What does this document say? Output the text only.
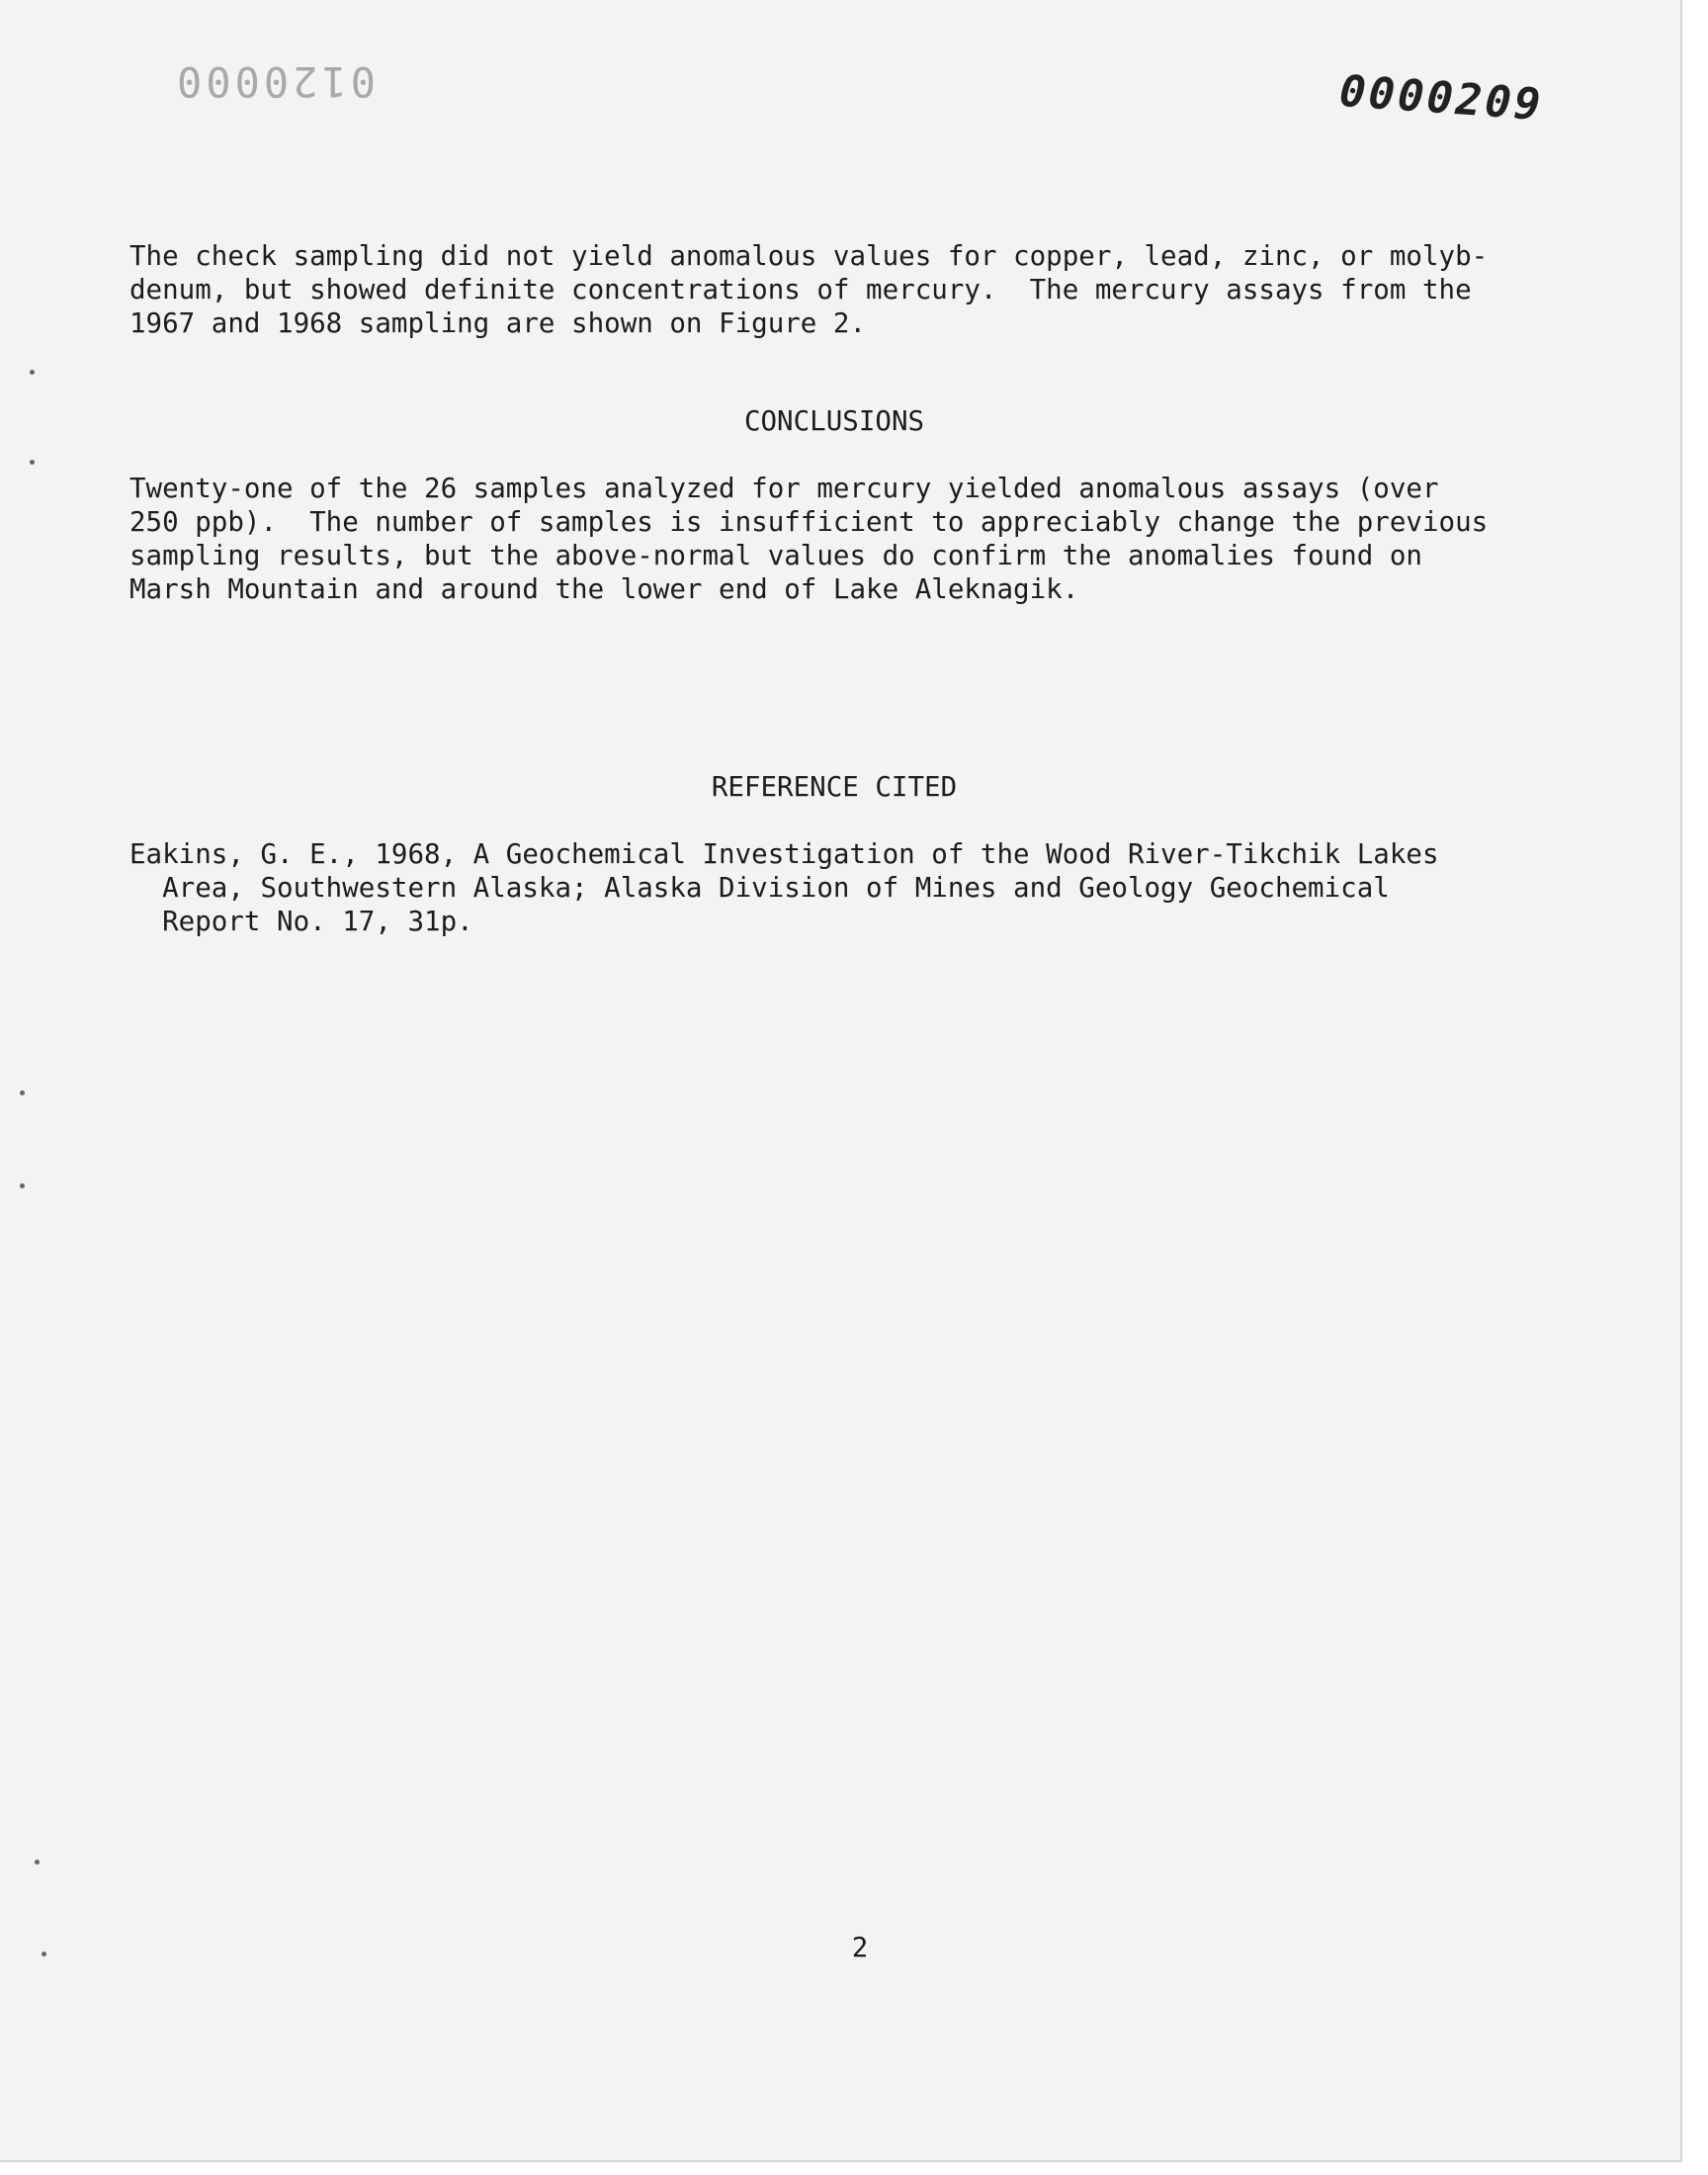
0120000	0000209

The check sampling did not yield anomalous values for copper, lead, zinc, or molyb-

denum, but showed definite concentrations of mercury.  The mercury assays from the

1967 and 1968 sampling are shown on Figure 2.

CONCLUSIONS

Twenty-one of the 26 samples analyzed for mercury yielded anomalous assays (over

250 ppb).  The number of samples is insufficient to appreciably change the previous

sampling results, but the above-normal values do confirm the anomalies found on

Marsh Mountain and around the lower end of Lake Aleknagik.

REFERENCE CITED

Eakins, G. E., 1968, A Geochemical Investigation of the Wood River-Tikchik Lakes

Area, Southwestern Alaska; Alaska Division of Mines and Geology Geochemical

Report No. 17, 31p.

2
